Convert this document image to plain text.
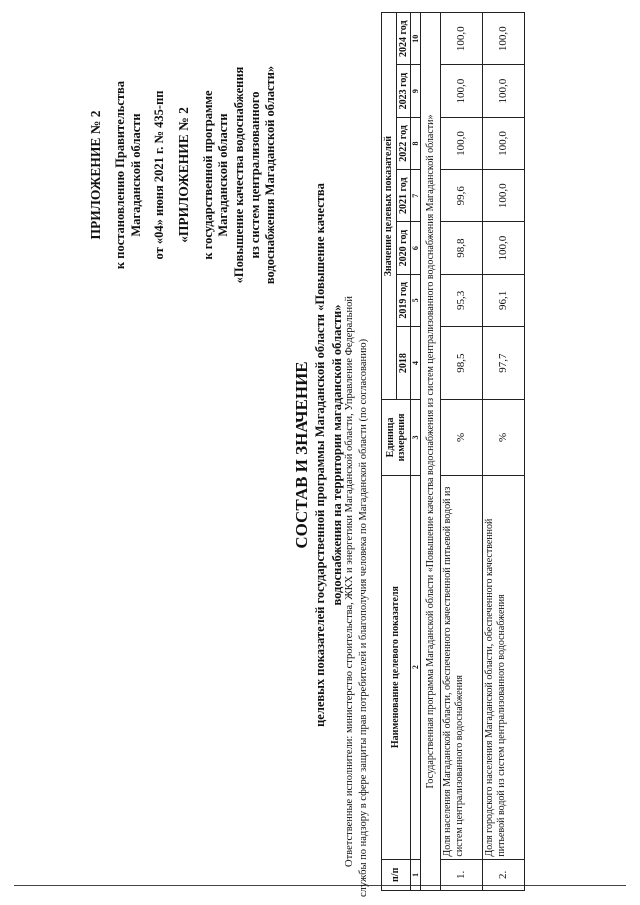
ПРИЛОЖЕНИЕ № 2 к постановлению Правительства Магаданской области от «04» июня 2021 г. № 435-пп «ПРИЛОЖЕНИЕ № 2 к государственной программе Магаданской области «Повышение качества водоснабжения из систем централизованного водоснабжения Магаданской области»
СОСТАВ И ЗНАЧЕНИЕ целевых показателей государственной программы Магаданской области «Повышение качества водоснабжения на территории магаданской области» Ответственные исполнители: министерство строительства, ЖКХ и энергетики Магаданской области, Управление Федеральной службы по надзору в сфере защиты прав потребителей и благополучия человека по Магаданской области (по согласованию) п/п	Наименование целевого показателя	Единица измерения	Значение целевых показателей						
			2018	2019 год	2020 год	2021 год	2022 год	2023 год	2024 год
1	2	3	4	5	6	7	8	9	10
Государственная программа Магаданской области «Повышение качества водоснабжения из систем централизованного водоснабжения Магаданской области»									
1.	Доля населения Магаданской области, обеспеченного качественной питьевой водой из систем централизованного водоснабжения	%	98,5	95,3	98,8	99,6	100,0	100,0	100,0
2.	Доля городского населения Магаданской области, обеспеченного качественной питьевой водой из систем централизованного водоснабжения	%	97,7	96,1	100,0	100,0	100,0	100,0	100,0
